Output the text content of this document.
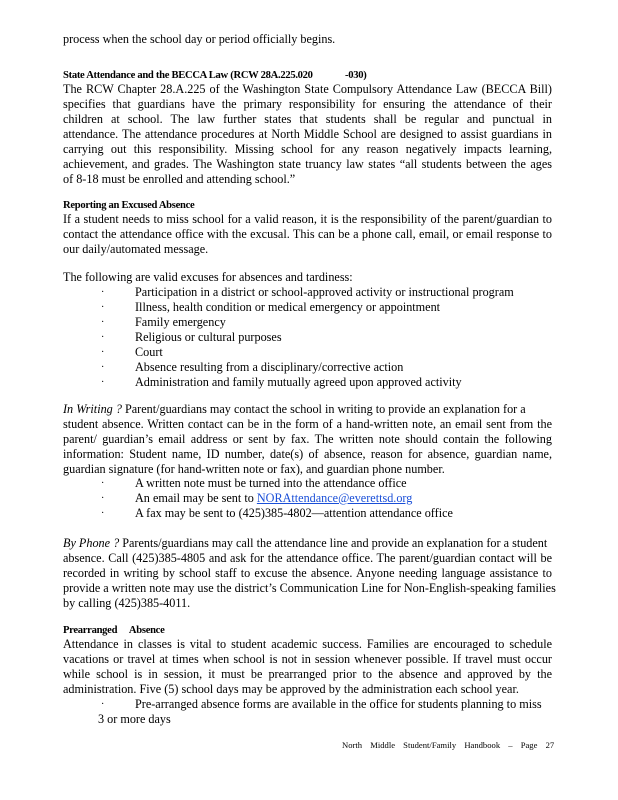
process when the school day or period officially begins.
State Attendance and the BECCA Law (RCW 28A.225.020	-030)
The RCW Chapter 28.A.225 of the Washington State Compulsory Attendance Law (BECCA Bill)
specifies that guardians have the primary responsibility for ensuring the attendance of their
children at school. The law further states that students shall be regular and punctual in
attendance. The attendance procedures at North Middle School are designed to assist guardians in
carrying out this responsibility. Missing school for any reason negatively impacts learning,
achievement, and grades. The Washington state truancy law states “all students between the ages
of 8-18 must be enrolled and attending school.”
Reporting an Excused Absence
If a student needs to miss school for a valid reason, it is the responsibility of the parent/guardian to
contact the attendance office with the excusal. This can be a phone call, email, or email response to
our daily/automated message.
The following are valid excuses for absences and tardiness:
·	Participation in a district or school-approved activity or instructional program
·	Illness, health condition or medical emergency or appointment
·	Family emergency
·	Religious or cultural purposes
·	Court
·	Absence resulting from a disciplinary/corrective action
·	Administration and family mutually agreed upon approved activity
In Writing ? Parent/guardians may contact the school in writing to provide an explanation for a
student absence. Written contact can be in the form of a hand-written note, an email sent from the
parent/ guardian’s email address or sent by fax. The written note should contain the following
information: Student name, ID number, date(s) of absence, reason for absence, guardian name,
guardian signature (for hand-written note or fax), and guardian phone number.
·	A written note must be turned into the attendance office
·	An email may be sent to NORAttendance@everettsd.org
·	A fax may be sent to (425)385-4802—attention attendance office
By Phone ? Parents/guardians may call the attendance line and provide an explanation for a student
absence. Call (425)385-4805 and ask for the attendance office. The parent/guardian contact will be
recorded in writing by school staff to excuse the absence. Anyone needing language assistance to
provide a written note may use the district’s Communication Line for Non-English-speaking families
by calling (425)385-4011.
Prearranged Absence
Attendance in classes is vital to student academic success. Families are encouraged to schedule
vacations or travel at times when school is not in session whenever possible. If travel must occur
while school is in session, it must be prearranged prior to the absence and approved by the
administration. Five (5) school days may be approved by the administration each school year.
·	Pre-arranged absence forms are available in the office for students planning to miss
3 or more days
North Middle Student/Family Handbook – Page 27
